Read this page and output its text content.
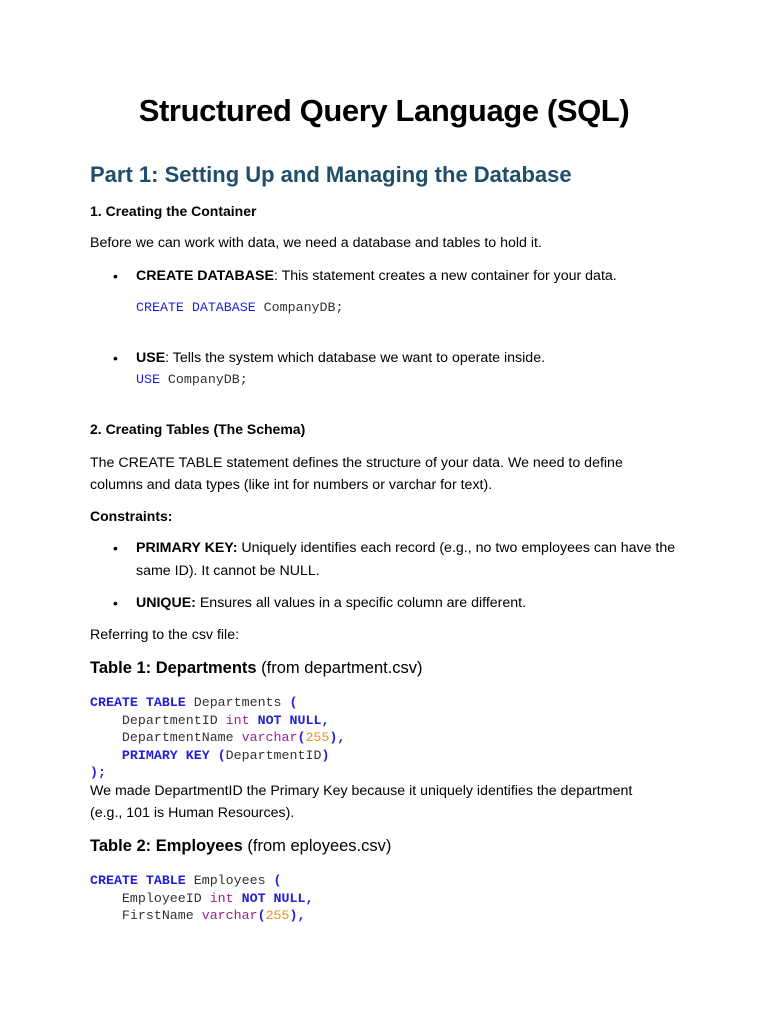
Structured Query Language (SQL)
Part 1: Setting Up and Managing the Database
1. Creating the Container
Before we can work with data, we need a database and tables to hold it.
• CREATE DATABASE: This statement creates a new container for your data.
CREATE DATABASE CompanyDB;
• USE: Tells the system which database we want to operate inside.
USE CompanyDB;
2. Creating Tables (The Schema)
The CREATE TABLE statement defines the structure of your data. We need to define
columns and data types (like int for numbers or varchar for text).
Constraints:
• PRIMARY KEY: Uniquely identifies each record (e.g., no two employees can have the
same ID). It cannot be NULL.
• UNIQUE: Ensures all values in a specific column are different.
Referring to the csv file:
Table 1: Departments (from department.csv)
CREATE TABLE Departments (
DepartmentID int NOT NULL,
DepartmentName varchar(255),
PRIMARY KEY (DepartmentID)
);
We made DepartmentID the Primary Key because it uniquely identifies the department
(e.g., 101 is Human Resources).
Table 2: Employees (from eployees.csv)
CREATE TABLE Employees (
EmployeeID int NOT NULL,
FirstName varchar(255),
